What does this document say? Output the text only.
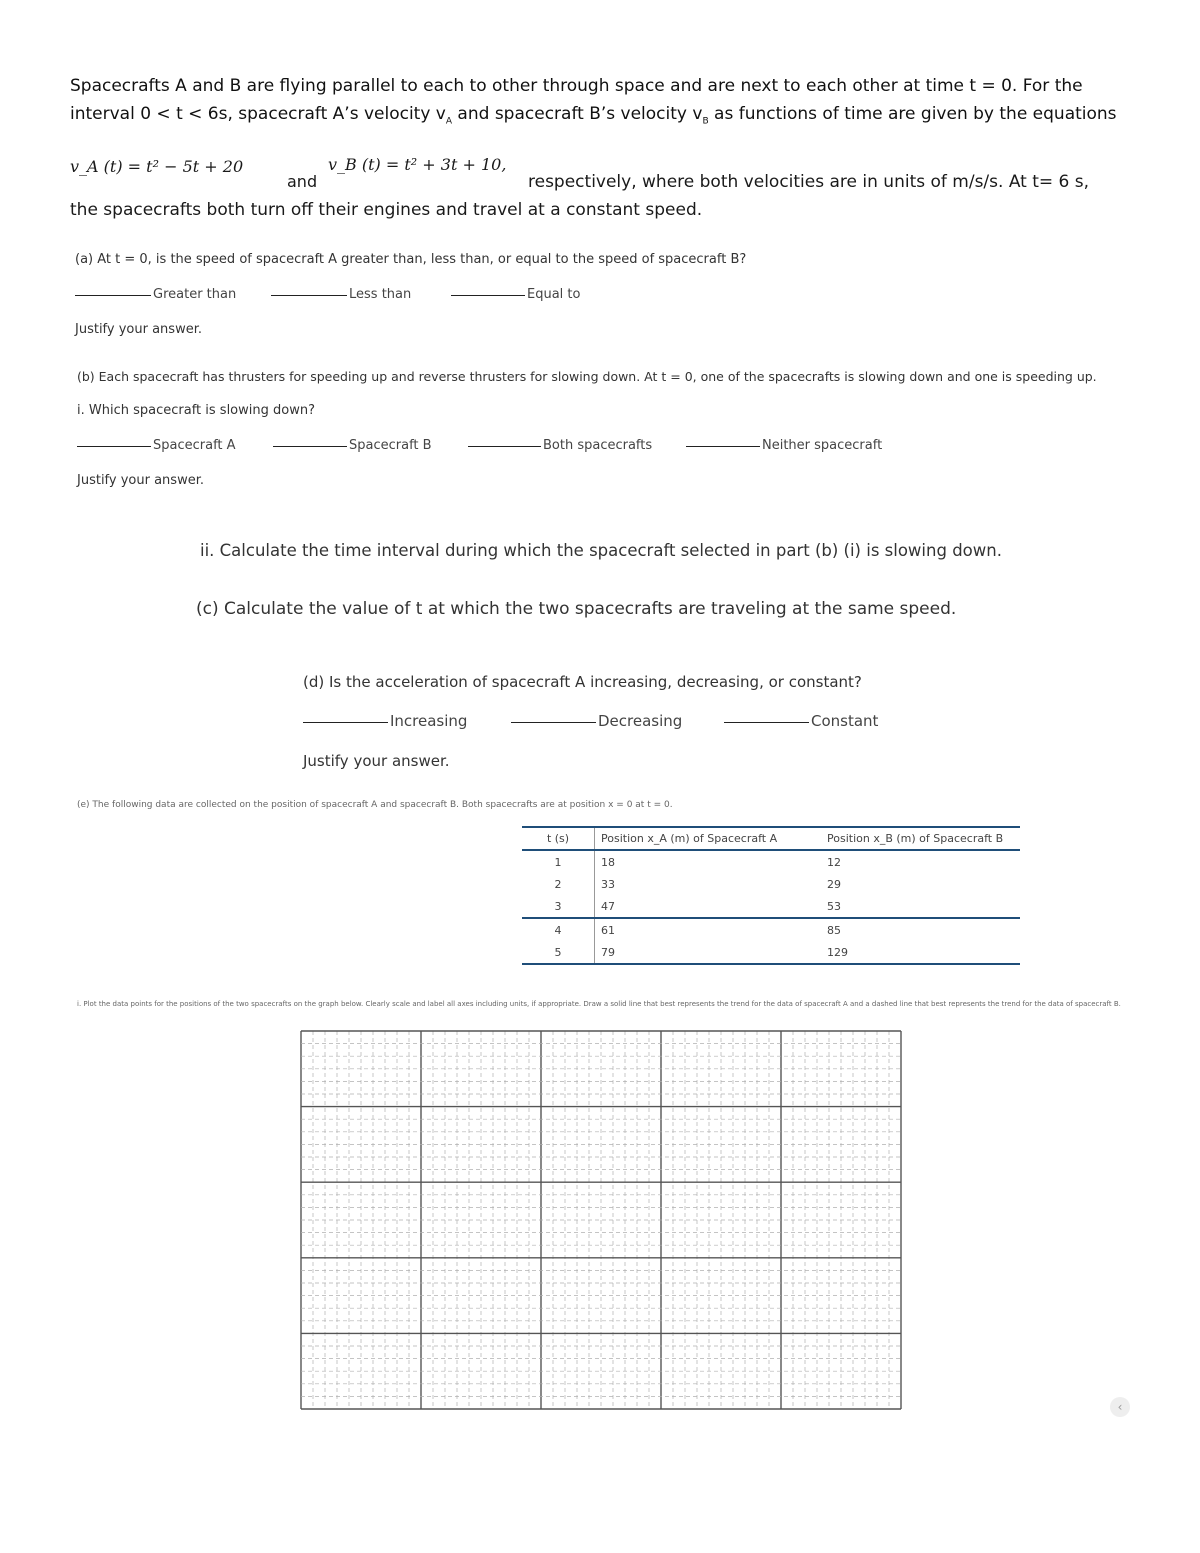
Spacecrafts A and B are flying parallel to each to other through space and are next to each other at time t = 0. For the
interval 0 < t < 6s, spacecraft A’s velocity $v_A$ and spacecraft B’s velocity $v_B$ as functions of time are given by the equations
v_A (t) = t² − 5t + 20
and
v_B (t) = t² + 3t + 10,
respectively, where both velocities are in units of m/s/s. At t= 6 s,
the spacecrafts both turn off their engines and travel at a constant speed.
(a) At t = 0, is the speed of spacecraft A greater than, less than, or equal to the speed of spacecraft B?
Greater than	Less than	Equal to
Justify your answer.
(b) Each spacecraft has thrusters for speeding up and reverse thrusters for slowing down. At t = 0, one of the spacecrafts is slowing down and one is speeding up.
i. Which spacecraft is slowing down?
Spacecraft A	Spacecraft B	Both spacecrafts	Neither spacecraft
Justify your answer.
ii. Calculate the time interval during which the spacecraft selected in part (b) (i) is slowing down.
(c) Calculate the value of t at which the two spacecrafts are traveling at the same speed.
(d) Is the acceleration of spacecraft A increasing, decreasing, or constant?
Increasing	Decreasing	Constant
Justify your answer.
(e) The following data are collected on the position of spacecraft A and spacecraft B. Both spacecrafts are at position x = 0 at t = 0.
t (s)	Position x_A (m) of Spacecraft A	Position x_B (m) of Spacecraft B
1	18	12
2	33	29
3	47	53
4	61	85
5	79	129
i. Plot the data points for the positions of the two spacecrafts on the graph below. Clearly scale and label all axes including units, if appropriate. Draw a solid line that best represents the trend for the data of spacecraft A and a dashed line that best represents the trend for the data of spacecraft B.
‹
